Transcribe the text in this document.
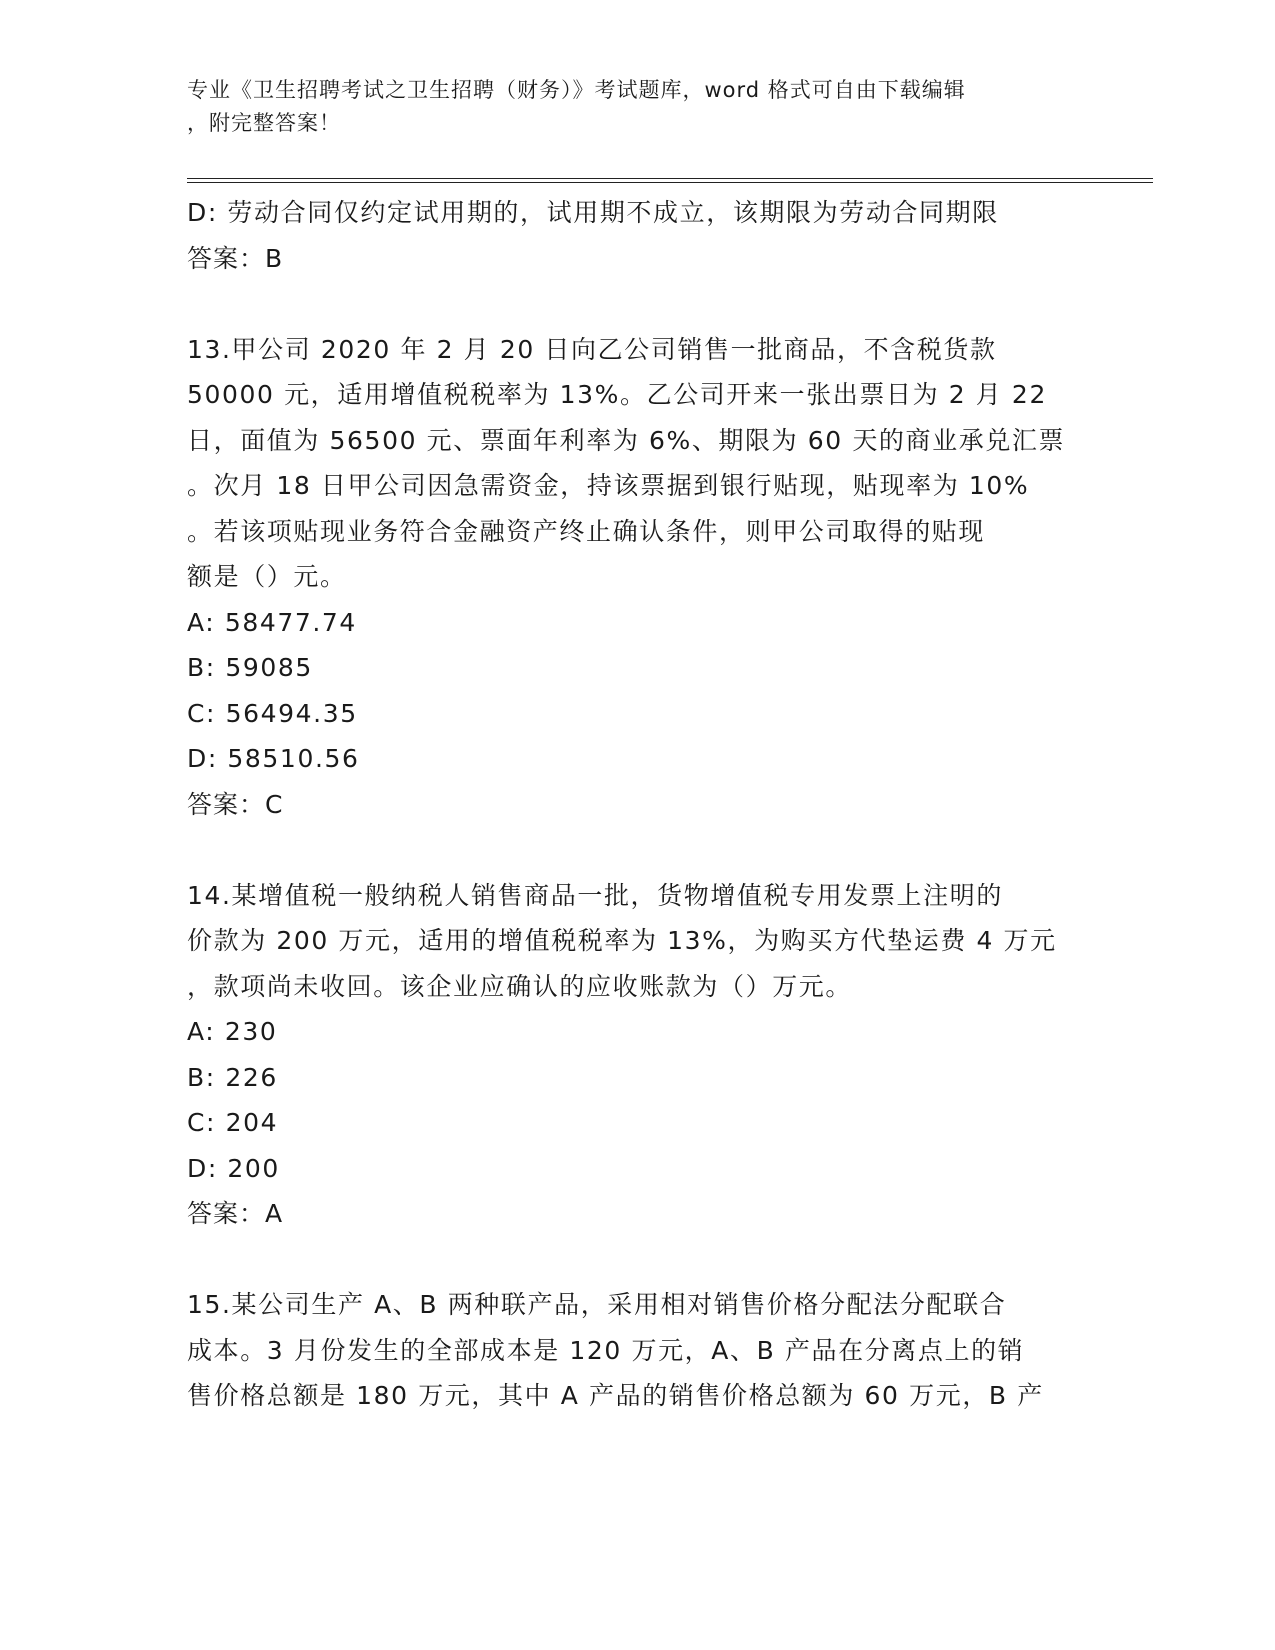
专业《卫生招聘考试之卫生招聘（财务）》考试题库，word 格式可自由下载编辑
，附完整答案！
D: 劳动合同仅约定试用期的，试用期不成立，该期限为劳动合同期限
答案：B
13.甲公司 2020 年 2 月 20 日向乙公司销售一批商品，不含税货款
50000 元，适用增值税税率为 13%。乙公司开来一张出票日为 2 月 22
日，面值为 56500 元、票面年利率为 6%、期限为 60 天的商业承兑汇票
。次月 18 日甲公司因急需资金，持该票据到银行贴现，贴现率为 10%
。若该项贴现业务符合金融资产终止确认条件，则甲公司取得的贴现
额是（）元。
A: 58477.74
B: 59085
C: 56494.35
D: 58510.56
答案：C
14.某增值税一般纳税人销售商品一批，货物增值税专用发票上注明的
价款为 200 万元，适用的增值税税率为 13%，为购买方代垫运费 4 万元
，款项尚未收回。该企业应确认的应收账款为（）万元。
A: 230
B: 226
C: 204
D: 200
答案：A
15.某公司生产 A、B 两种联产品，采用相对销售价格分配法分配联合
成本。3 月份发生的全部成本是 120 万元，A、B 产品在分离点上的销
售价格总额是 180 万元，其中 A 产品的销售价格总额为 60 万元，B 产
